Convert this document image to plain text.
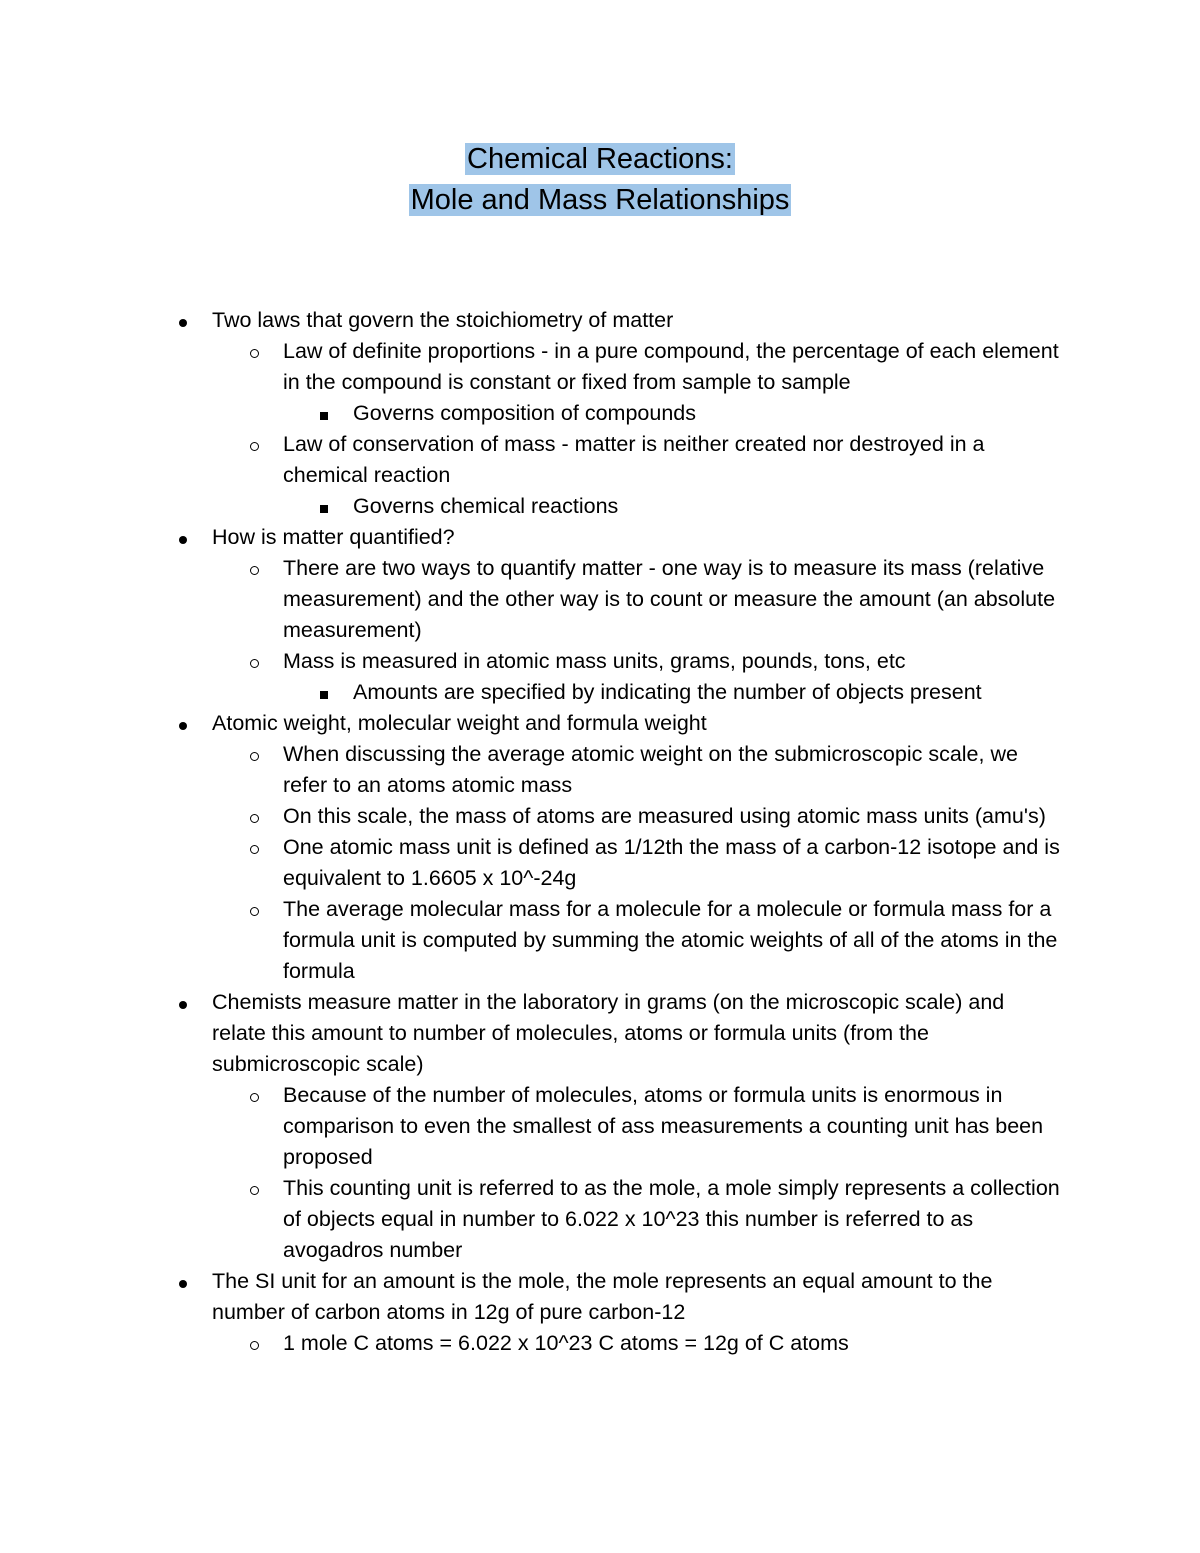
Chemical Reactions:
Mole and Mass Relationships
Two laws that govern the stoichiometry of matter
Law of definite proportions - in a pure compound, the percentage of each element in the compound is constant or fixed from sample to sample
Governs composition of compounds
Law of conservation of mass - matter is neither created nor destroyed in a chemical reaction
Governs chemical reactions
How is matter quantified?
There are two ways to quantify matter - one way is to measure its mass (relative measurement) and the other way is to count or measure the amount (an absolute measurement)
Mass is measured in atomic mass units, grams, pounds, tons, etc
Amounts are specified by indicating the number of objects present
Atomic weight, molecular weight and formula weight
When discussing the average atomic weight on the submicroscopic scale, we refer to an atoms atomic mass
On this scale, the mass of atoms are measured using atomic mass units (amu's)
One atomic mass unit is defined as 1/12th the mass of a carbon-12 isotope and is equivalent to 1.6605 x 10^-24g
The average molecular mass for a molecule for a molecule or formula mass for a formula unit is computed by summing the atomic weights of all of the atoms in the formula
Chemists measure matter in the laboratory in grams (on the microscopic scale) and relate this amount to number of molecules, atoms or formula units (from the submicroscopic scale)
Because of the number of molecules, atoms or formula units is enormous in comparison to even the smallest of ass measurements a counting unit has been proposed
This counting unit is referred to as the mole, a mole simply represents a collection of objects equal in number to 6.022 x 10^23 this number is referred to as avogadros number
The SI unit for an amount is the mole, the mole represents an equal amount to the number of carbon atoms in 12g of pure carbon-12
1 mole C atoms = 6.022 x 10^23 C atoms = 12g of C atoms
